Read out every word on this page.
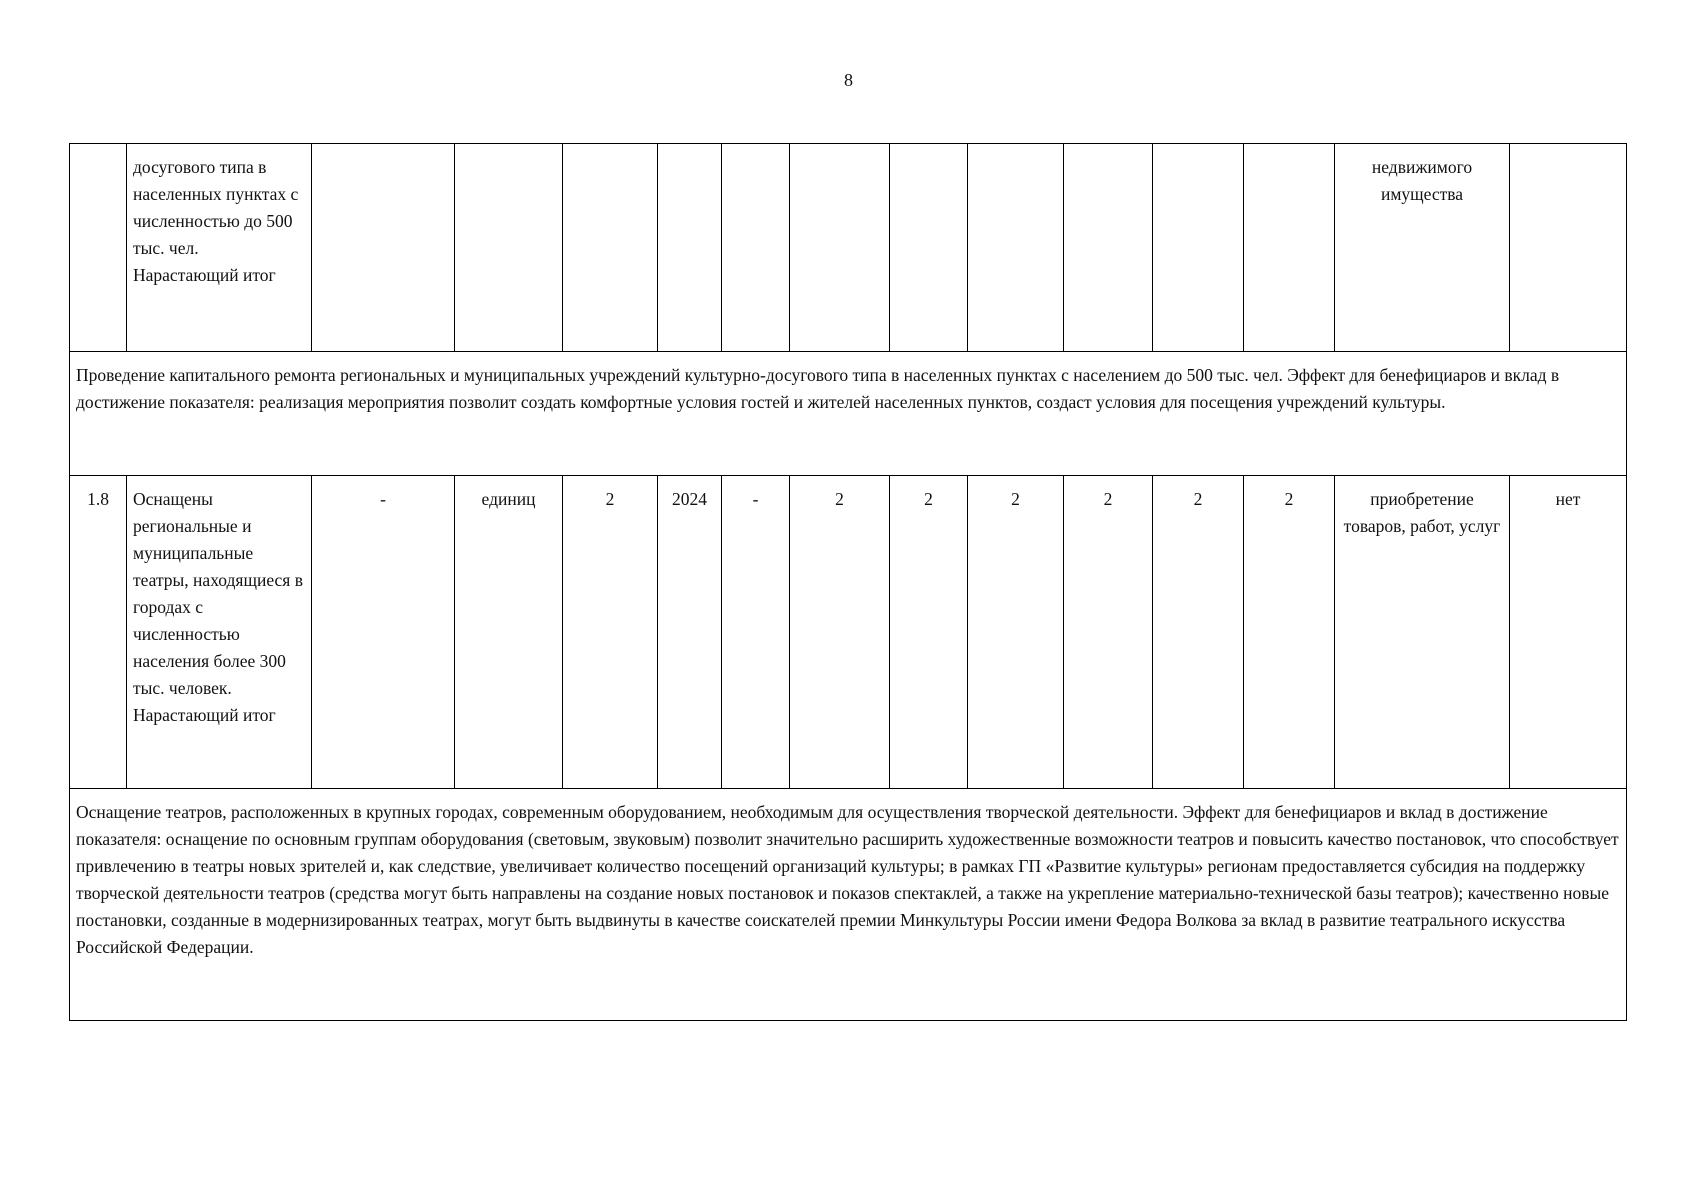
8
	досугового типа в населенных пунктах с численностью до 500 тыс. чел. Нарастающий итог												недвижимого имущества	
Проведение капитального ремонта региональных и муниципальных учреждений культурно-досугового типа в населенных пунктах с населением до 500 тыс. чел. Эффект для бенефициаров и вклад в достижение показателя: реализация мероприятия позволит создать комфортные условия гостей и жителей населенных пунктов, создаст условия для посещения учреждений культуры.														
1.8	Оснащены региональные и муниципальные театры, находящиеся в городах с численностью населения более 300 тыс. человек. Нарастающий итог	-	единиц	2	2024	-	2	2	2	2	2	2	приобретение товаров, работ, услуг	нет
Оснащение театров, расположенных в крупных городах, современным оборудованием, необходимым для осуществления творческой деятельности. Эффект для бенефициаров и вклад в достижение показателя: оснащение по основным группам оборудования (световым, звуковым) позволит значительно расширить художественные возможности театров и повысить качество постановок, что способствует привлечению в театры новых зрителей и, как следствие, увеличивает количество посещений организаций культуры; в рамках ГП «Развитие культуры» регионам предоставляется субсидия на поддержку творческой деятельности театров (средства могут быть направлены на создание новых постановок и показов спектаклей, а также на укрепление материально-технической базы театров); качественно новые постановки, созданные в модернизированных театрах, могут быть выдвинуты в качестве соискателей премии Минкультуры России имени Федора Волкова за вклад в развитие театрального искусства Российской Федерации.														
